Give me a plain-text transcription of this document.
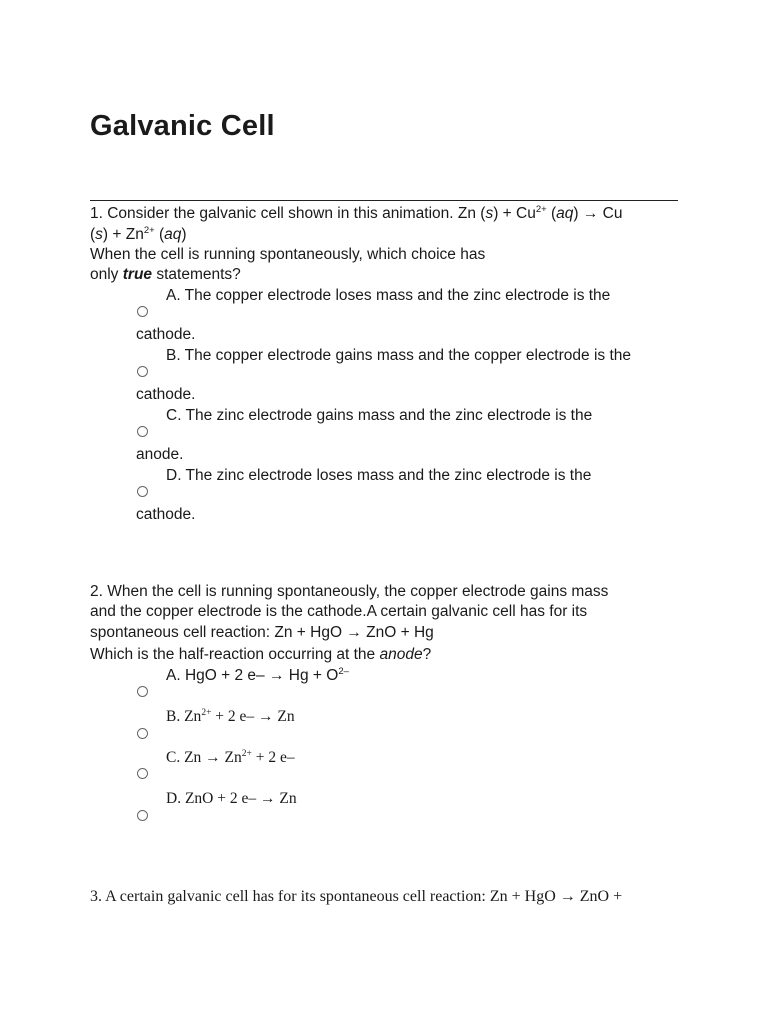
Galvanic Cell
1. Consider the galvanic cell shown in this animation. Zn $(s) + Cu^{2+}$ (aq) → Cu
$(s) + Zn^{2+}$ (aq)
When the cell is running spontaneously, which choice has
only true statements?
A. The copper electrode loses mass and the zinc electrode is the
cathode.
B. The copper electrode gains mass and the copper electrode is the
cathode.
C. The zinc electrode gains mass and the zinc electrode is the
anode.
D. The zinc electrode loses mass and the zinc electrode is the
cathode.
2. When the cell is running spontaneously, the copper electrode gains mass
and the copper electrode is the cathode.A certain galvanic cell has for its
spontaneous cell reaction: Zn + HgO → ZnO + Hg
Which is the half-reaction occurring at the anode?
A. HgO + 2 $e- \to Hg + O^{2-}$
B. $Zn^{2+} + 2$ e– → Zn
C. $Zn \to Zn^{2+} + 2$ e–
D. ZnO + 2 e– → Zn
3. A certain galvanic cell has for its spontaneous cell reaction: Zn + HgO → ZnO +
